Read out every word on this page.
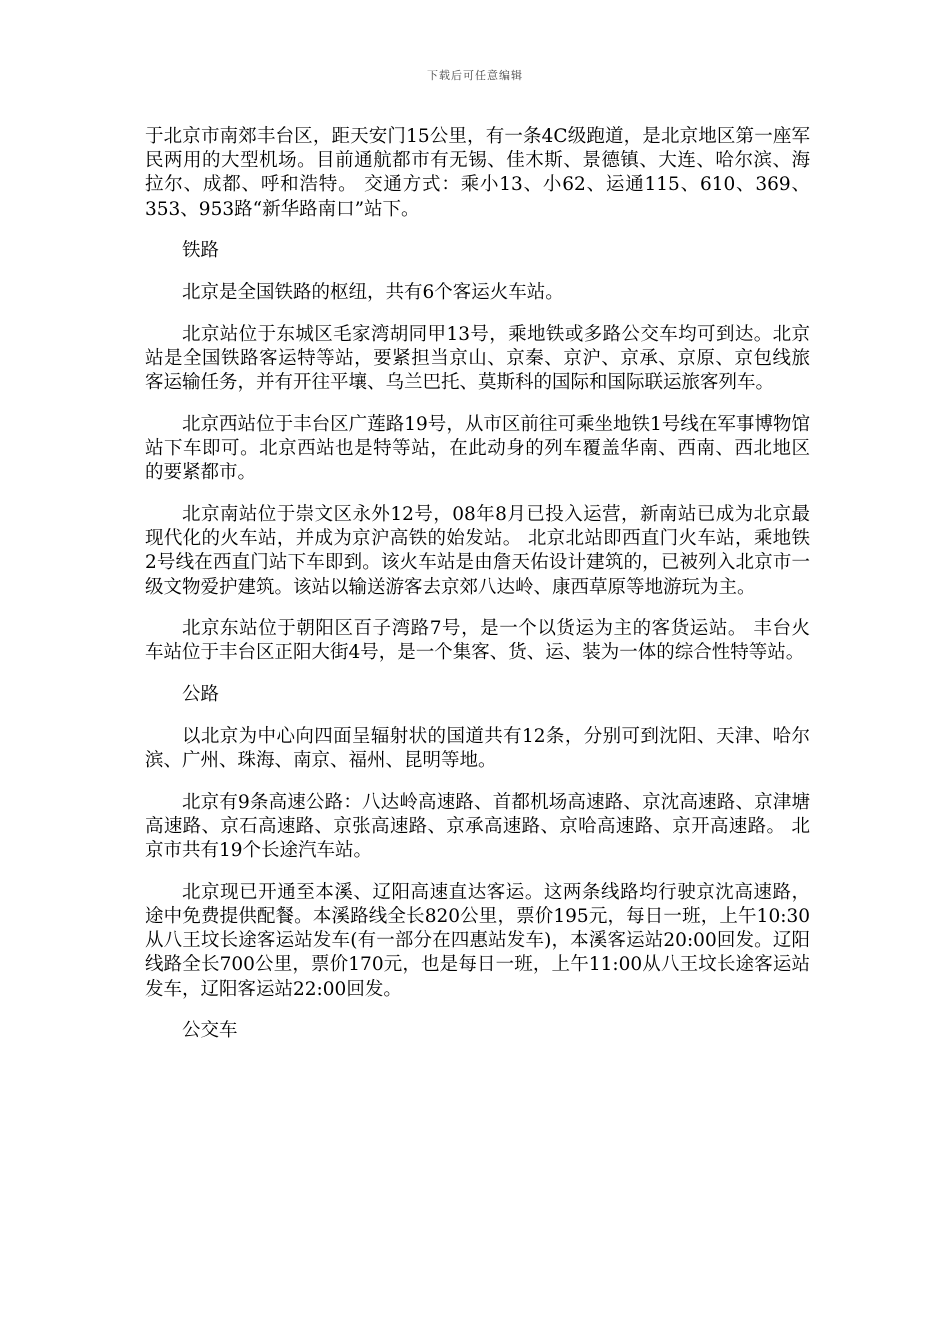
下载后可任意编辑

于北京市南郊丰台区，距天安门15公里，有一条4C级跑道，是北京地区第一座军民两用的大型机场。目前通航都市有无锡、佳木斯、景德镇、大连、哈尔滨、海拉尔、成都、呼和浩特。 交通方式：乘小13、小62、运通115、610、369、353、953路“新华路南口”站下。

铁路

北京是全国铁路的枢纽，共有6个客运火车站。

北京站位于东城区毛家湾胡同甲13号，乘地铁或多路公交车均可到达。北京站是全国铁路客运特等站，要紧担当京山、京秦、京沪、京承、京原、京包线旅客运输任务，并有开往平壤、乌兰巴托、莫斯科的国际和国际联运旅客列车。

北京西站位于丰台区广莲路19号，从市区前往可乘坐地铁1号线在军事博物馆站下车即可。北京西站也是特等站，在此动身的列车覆盖华南、西南、西北地区的要紧都市。

北京南站位于崇文区永外12号，08年8月已投入运营，新南站已成为北京最现代化的火车站，并成为京沪高铁的始发站。 北京北站即西直门火车站，乘地铁2号线在西直门站下车即到。该火车站是由詹天佑设计建筑的，已被列入北京市一级文物爱护建筑。该站以输送游客去京郊八达岭、康西草原等地游玩为主。

北京东站位于朝阳区百子湾路7号，是一个以货运为主的客货运站。 丰台火车站位于丰台区正阳大街4号，是一个集客、货、运、装为一体的综合性特等站。

公路

以北京为中心向四面呈辐射状的国道共有12条，分别可到沈阳、天津、哈尔滨、广州、珠海、南京、福州、昆明等地。

北京有9条高速公路：八达岭高速路、首都机场高速路、京沈高速路、京津塘高速路、京石高速路、京张高速路、京承高速路、京哈高速路、京开高速路。 北京市共有19个长途汽车站。

北京现已开通至本溪、辽阳高速直达客运。这两条线路均行驶京沈高速路，途中免费提供配餐。本溪路线全长820公里，票价195元，每日一班，上午10:30从八王坟长途客运站发车(有一部分在四惠站发车)，本溪客运站20:00回发。辽阳线路全长700公里，票价170元，也是每日一班，上午11:00从八王坟长途客运站发车，辽阳客运站22:00回发。

公交车
